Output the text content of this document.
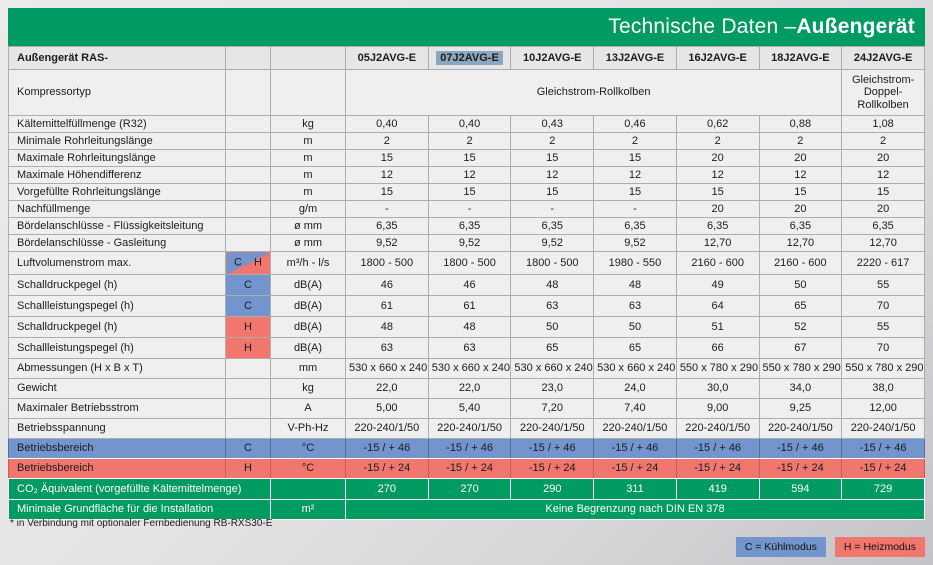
Technische Daten – Außengerät
Außengerät RAS-			05J2AVG-E	07J2AVG-E	10J2AVG-E	13J2AVG-E	16J2AVG-E	18J2AVG-E	24J2AVG-E
Kompressortyp			Gleichstrom-Rollkolben						Gleichstrom-Doppel-Rollkolben
Kältemittelfüllmenge (R32)		kg	0,40	0,40	0,43	0,46	0,62	0,88	1,08
Minimale Rohrleitungslänge		m	2	2	2	2	2	2	2
Maximale Rohrleitungslänge		m	15	15	15	15	20	20	20
Maximale Höhendifferenz		m	12	12	12	12	12	12	12
Vorgefüllte Rohrleitungslänge		m	15	15	15	15	15	15	15
Nachfüllmenge		g/m	-	-	-	-	20	20	20
Bördelanschlüsse - Flüssigkeitsleitung		ø mm	6,35	6,35	6,35	6,35	6,35	6,35	6,35
Bördelanschlüsse - Gasleitung		ø mm	9,52	9,52	9,52	9,52	12,70	12,70	12,70
Luftvolumenstrom max.	C H	m³/h - l/s	1800 - 500	1800 - 500	1800 - 500	1980 - 550	2160 - 600	2160 - 600	2220 - 617
Schalldruckpegel (h)	C	dB(A)	46	46	48	48	49	50	55
Schallleistungspegel (h)	C	dB(A)	61	61	63	63	64	65	70
Schalldruckpegel (h)	H	dB(A)	48	48	50	50	51	52	55
Schallleistungspegel (h)	H	dB(A)	63	63	65	65	66	67	70
Abmessungen (H x B x T)		mm	530 x 660 x 240	530 x 660 x 240	530 x 660 x 240	530 x 660 x 240	550 x 780 x 290	550 x 780 x 290	550 x 780 x 290
Gewicht		kg	22,0	22,0	23,0	24,0	30,0	34,0	38,0
Maximaler Betriebsstrom		A	5,00	5,40	7,20	7,40	9,00	9,25	12,00
Betriebsspannung		V-Ph-Hz	220-240/1/50	220-240/1/50	220-240/1/50	220-240/1/50	220-240/1/50	220-240/1/50	220-240/1/50
Betriebsbereich	C	°C	-15 / + 46	-15 / + 46	-15 / + 46	-15 / + 46	-15 / + 46	-15 / + 46	-15 / + 46
Betriebsbereich	H	°C	-15 / + 24	-15 / + 24	-15 / + 24	-15 / + 24	-15 / + 24	-15 / + 24	-15 / + 24
CO₂ Äquivalent (vorgefüllte Kältemittelmenge)			270	270	290	311	419	594	729
Minimale Grundfläche für die Installation		m²	Keine Begrenzung nach DIN EN 378						
* in Verbindung mit optionaler Fernbedienung RB-RXS30-E
C = Kühlmodus	H = Heizmodus
